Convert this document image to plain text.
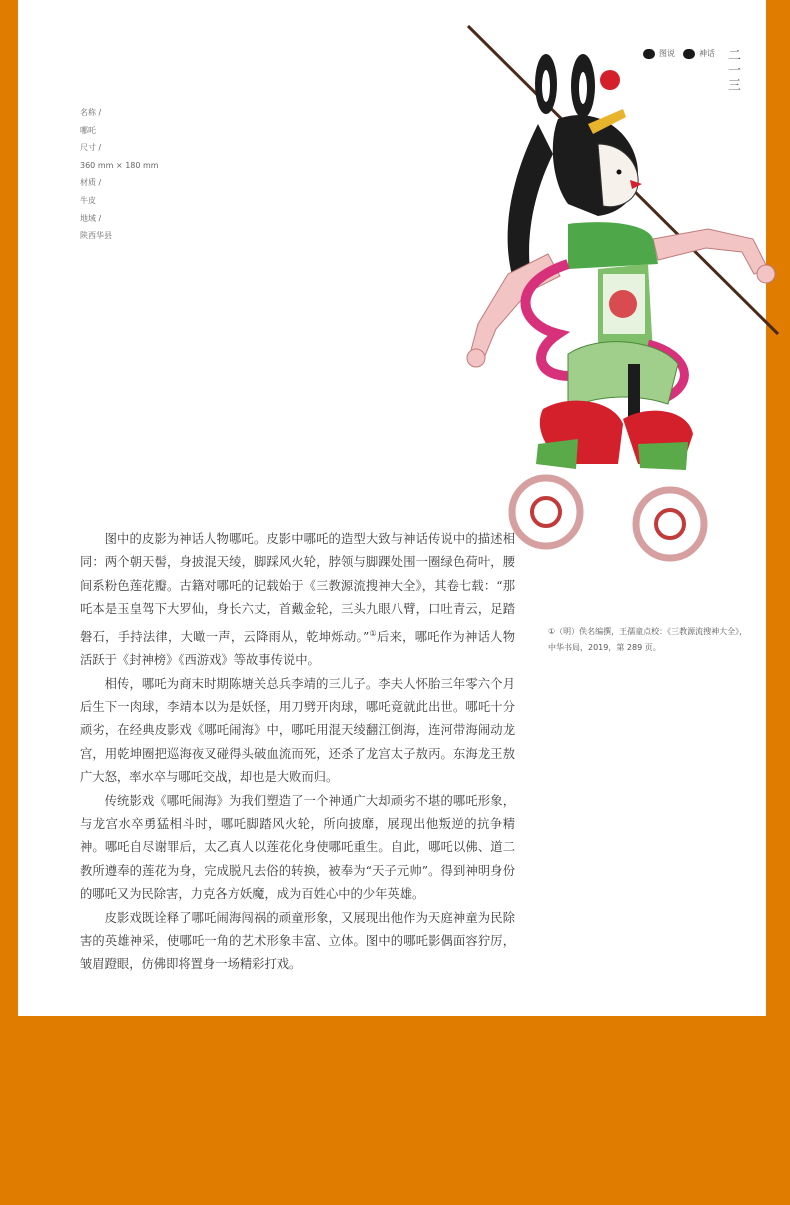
名称 /
哪吒
尺寸 /
360 mm × 180 mm
材质 /
牛皮
地域 /
陕西华县
图说	神话 二一三

图中的皮影为神话人物哪吒。皮影中哪吒的造型大致与神话传说中的描述相同：两个朝天髻，身披混天绫，脚踩风火轮，脖领与脚踝处围一圈绿色荷叶，腰间系粉色莲花瓣。古籍对哪吒的记载始于《三教源流搜神大全》，其卷七载：“那吒本是玉皇驾下大罗仙，身长六丈，首戴金轮，三头九眼八臂，口吐青云，足踏磐石，手持法律，大噉一声，云降雨从，乾坤烁动。”①后来，哪吒作为神话人物活跃于《封神榜》《西游戏》等故事传说中。

相传，哪吒为商末时期陈塘关总兵李靖的三儿子。李夫人怀胎三年零六个月后生下一肉球，李靖本以为是妖怪，用刀劈开肉球，哪吒竟就此出世。哪吒十分顽劣，在经典皮影戏《哪吒闹海》中，哪吒用混天绫翻江倒海，连河带海闹动龙宫，用乾坤圈把巡海夜叉碰得头破血流而死，还杀了龙宫太子敖丙。东海龙王敖广大怒，率水卒与哪吒交战，却也是大败而归。

传统影戏《哪吒闹海》为我们塑造了一个神通广大却顽劣不堪的哪吒形象，与龙宫水卒勇猛相斗时，哪吒脚踏风火轮，所向披靡，展现出他叛逆的抗争精神。哪吒自尽谢罪后，太乙真人以莲花化身使哪吒重生。自此，哪吒以佛、道二教所遵奉的莲花为身，完成脱凡去俗的转换，被奉为“天子元帅”。得到神明身份的哪吒又为民除害，力克各方妖魔，成为百姓心中的少年英雄。

皮影戏既诠释了哪吒闹海闯祸的顽童形象，又展现出他作为天庭神童为民除害的英雄神采，使哪吒一角的艺术形象丰富、立体。图中的哪吒影偶面容狞厉，皱眉蹬眼，仿佛即将置身一场精彩打戏。

①（明）佚名编撰，王孺童点校：《三教源流搜神大全》，中华书局，2019，第 289 页。
